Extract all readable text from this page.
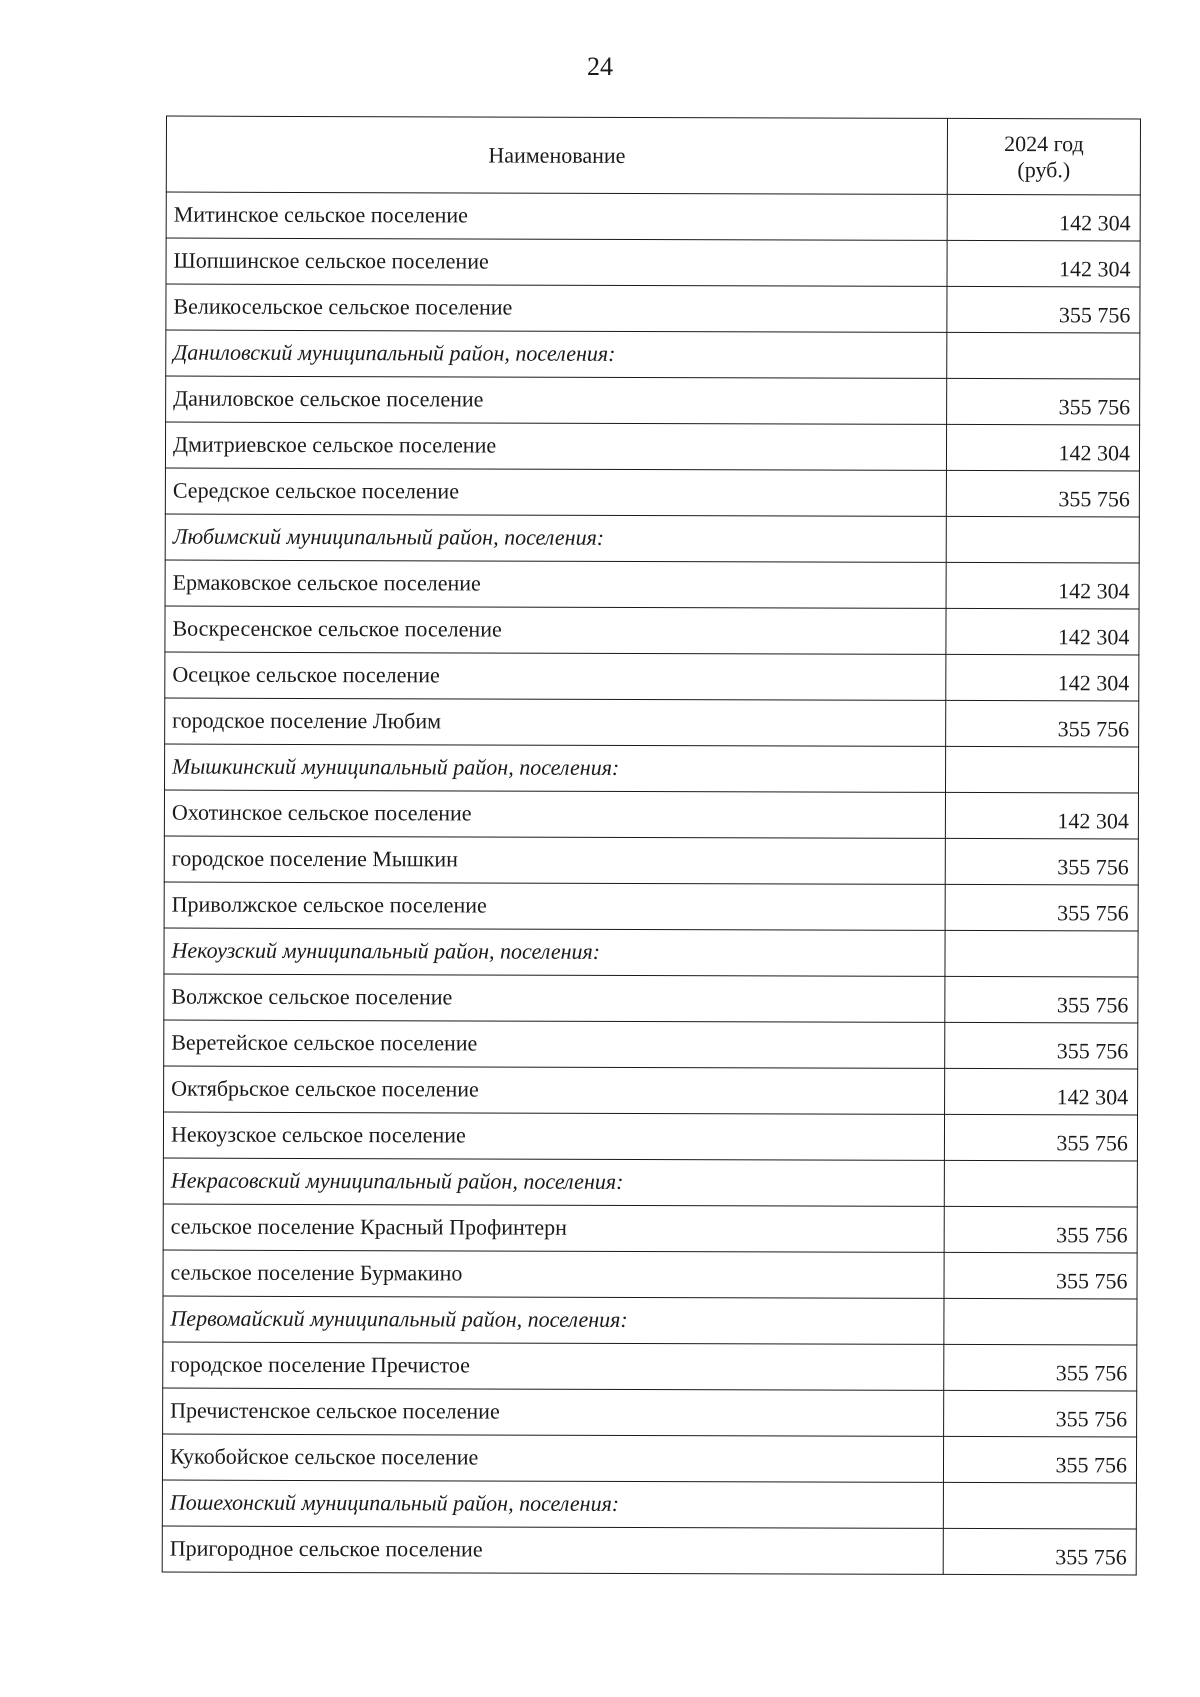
24
Наименование	2024 год
(руб.)

Митинское сельское поселение	142 304
Шопшинское сельское поселение	142 304
Великосельское сельское поселение	355 756
Даниловский муниципальный район, поселения:	
Даниловское сельское поселение	355 756
Дмитриевское сельское поселение	142 304
Середское сельское поселение	355 756
Любимский муниципальный район, поселения:	
Ермаковское сельское поселение	142 304
Воскресенское сельское поселение	142 304
Осецкое сельское поселение	142 304
городское поселение Любим	355 756
Мышкинский муниципальный район, поселения:	
Охотинское сельское поселение	142 304
городское поселение Мышкин	355 756
Приволжское сельское поселение	355 756
Некоузский муниципальный район, поселения:	
Волжское сельское поселение	355 756
Веретейское сельское поселение	355 756
Октябрьское сельское поселение	142 304
Некоузское сельское поселение	355 756
Некрасовский муниципальный район, поселения:	
сельское поселение Красный Профинтерн	355 756
сельское поселение Бурмакино	355 756
Первомайский муниципальный район, поселения:	
городское поселение Пречистое	355 756
Пречистенское сельское поселение	355 756
Кукобойское сельское поселение	355 756
Пошехонский муниципальный район, поселения:	
Пригородное сельское поселение	355 756
